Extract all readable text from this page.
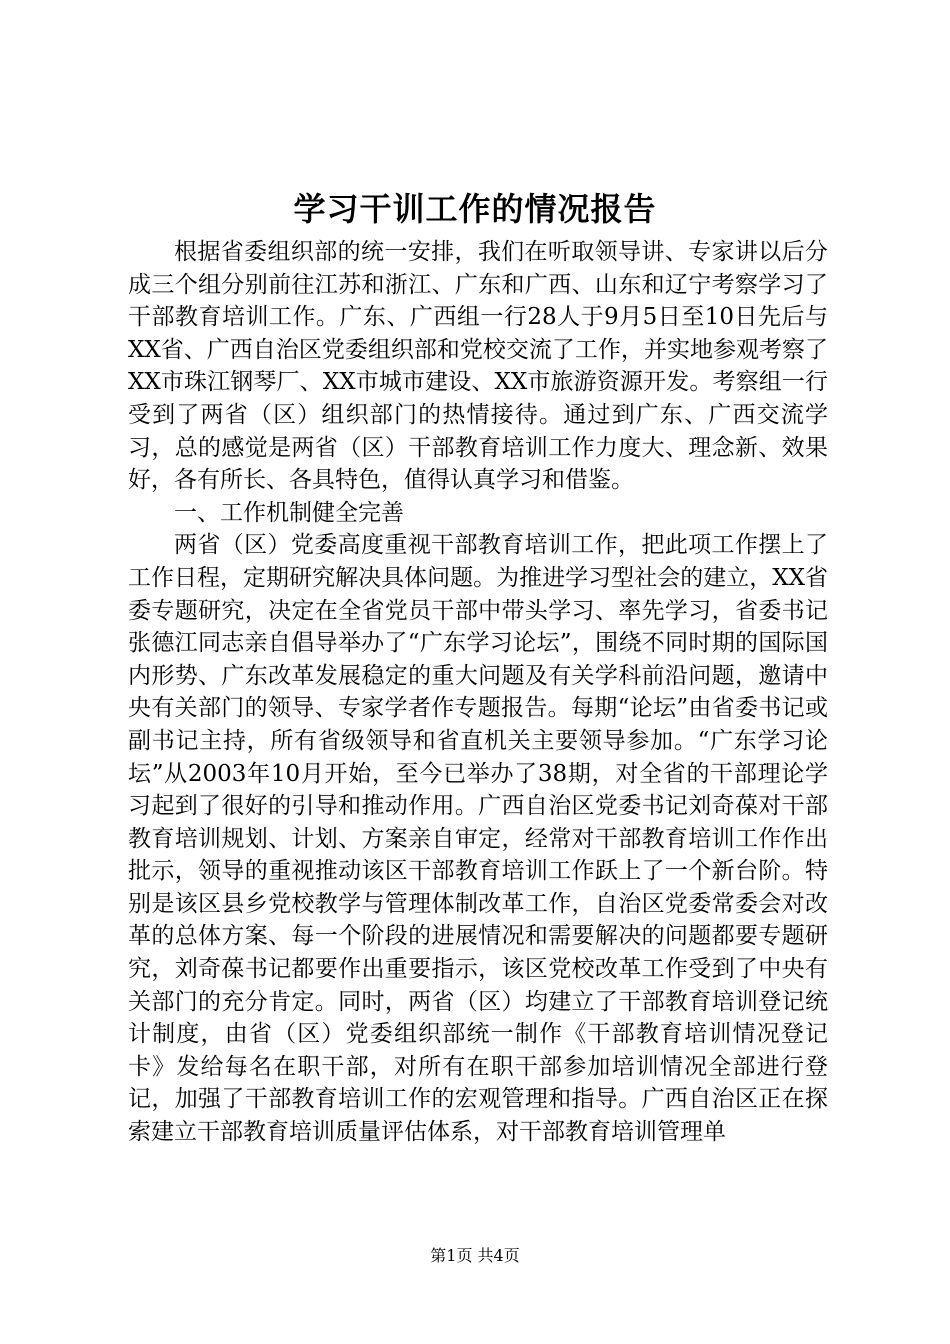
学习干训工作的情况报告

根据省委组织部的统一安排，我们在听取领导讲、专家讲以后分成三个组分别前往江苏和浙江、广东和广西、山东和辽宁考察学习了干部教育培训工作。广东、广西组一行28人于9月5日至10日先后与XX省、广西自治区党委组织部和党校交流了工作，并实地参观考察了XX市珠江钢琴厂、XX市城市建设、XX市旅游资源开发。考察组一行受到了两省（区）组织部门的热情接待。通过到广东、广西交流学习，总的感觉是两省（区）干部教育培训工作力度大、理念新、效果好，各有所长、各具特色，值得认真学习和借鉴。

一、工作机制健全完善

两省（区）党委高度重视干部教育培训工作，把此项工作摆上了工作日程，定期研究解决具体问题。为推进学习型社会的建立，XX省委专题研究，决定在全省党员干部中带头学习、率先学习，省委书记张德江同志亲自倡导举办了“广东学习论坛”，围绕不同时期的国际国内形势、广东改革发展稳定的重大问题及有关学科前沿问题，邀请中央有关部门的领导、专家学者作专题报告。每期“论坛”由省委书记或副书记主持，所有省级领导和省直机关主要领导参加。“广东学习论坛”从2003年10月开始，至今已举办了38期，对全省的干部理论学习起到了很好的引导和推动作用。广西自治区党委书记刘奇葆对干部教育培训规划、计划、方案亲自审定，经常对干部教育培训工作作出批示，领导的重视推动该区干部教育培训工作跃上了一个新台阶。特别是该区县乡党校教学与管理体制改革工作，自治区党委常委会对改革的总体方案、每一个阶段的进展情况和需要解决的问题都要专题研究，刘奇葆书记都要作出重要指示，该区党校改革工作受到了中央有关部门的充分肯定。同时，两省（区）均建立了干部教育培训登记统计制度，由省（区）党委组织部统一制作《干部教育培训情况登记卡》发给每名在职干部，对所有在职干部参加培训情况全部进行登记，加强了干部教育培训工作的宏观管理和指导。广西自治区正在探索建立干部教育培训质量评估体系，对干部教育培训管理单

第1页 共4页
